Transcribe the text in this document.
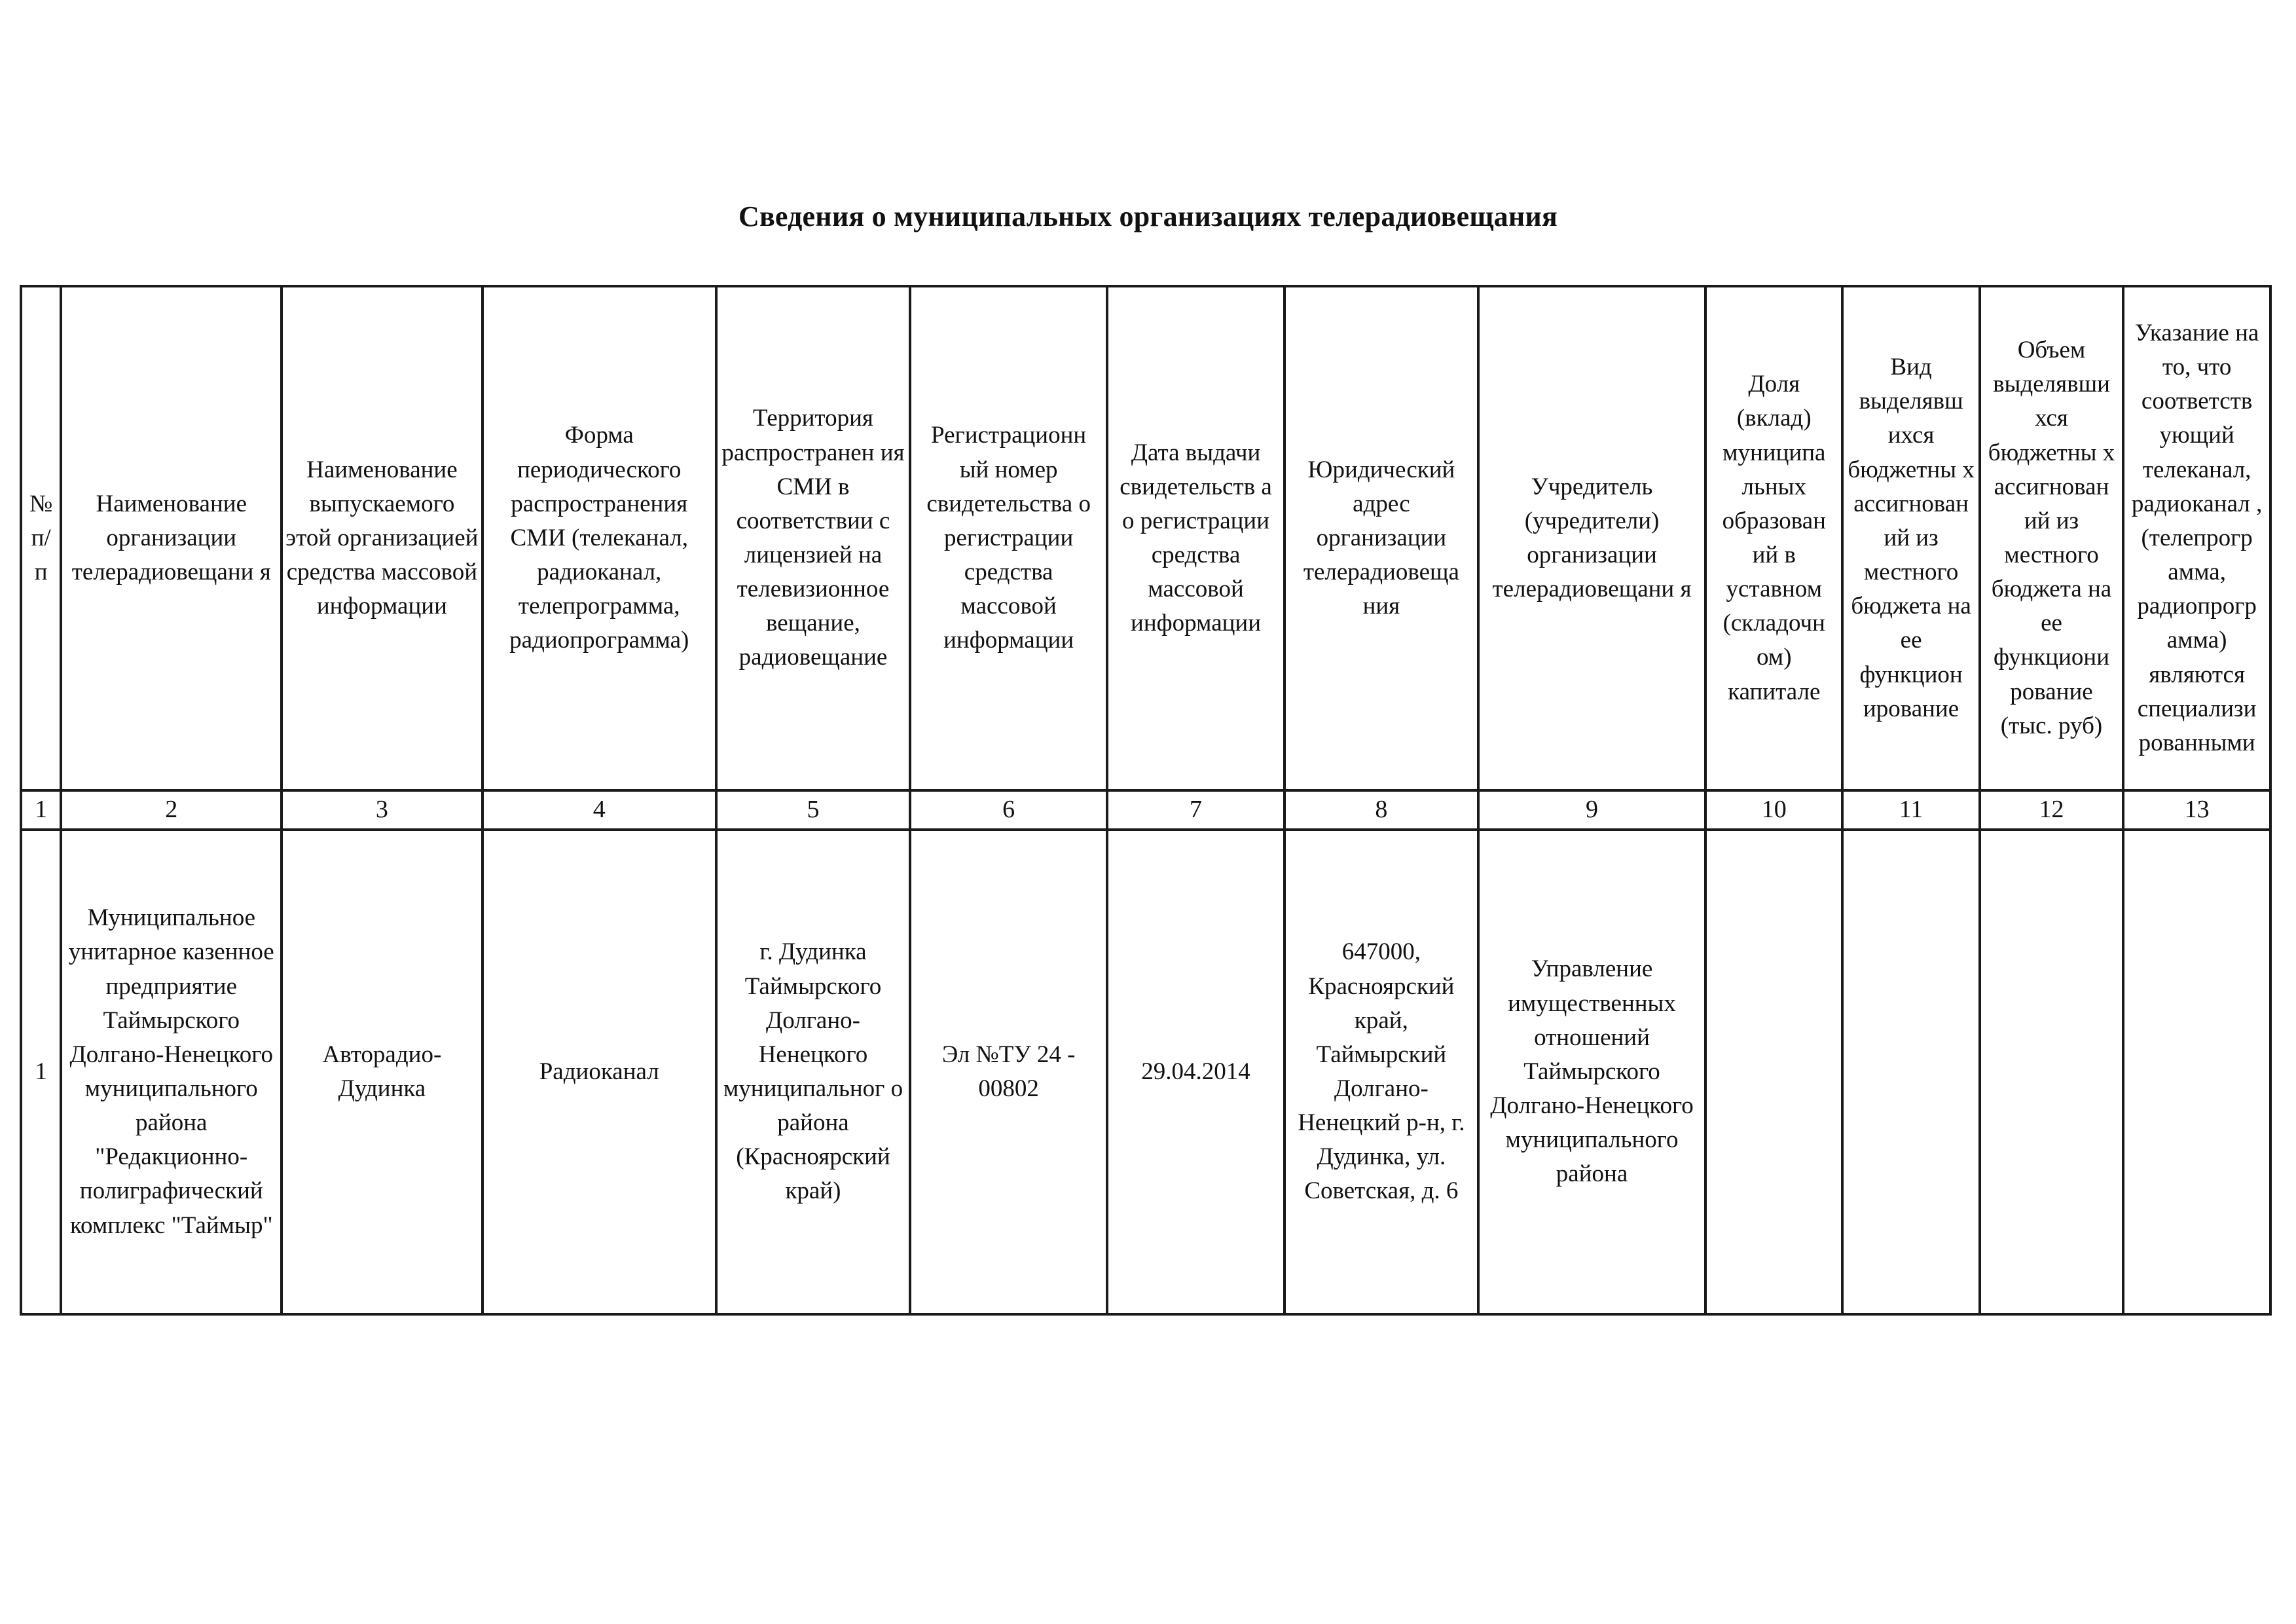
Сведения о муниципальных организациях телерадиовещания
№ п/п	Наименование организации телерадиовещани я	Наименование выпускаемого этой организацией средства массовой информации	Форма периодического распространения СМИ (телеканал, радиоканал, телепрограмма, радиопрограмма)	Территория распространен ия СМИ в соответствии с лицензией на телевизионное вещание, радиовещание	Регистрационн ый номер свидетельства о регистрации средства массовой информации	Дата выдачи свидетельств а о регистрации средства массовой информации	Юридический адрес организации телерадиовеща ния	Учредитель (учредители) организации телерадиовещани я	Доля (вклад) муниципа льных образован ий в уставном (складочн ом) капитале	Вид выделявш ихся бюджетны х ассигнован ий из местного бюджета на ее функцион ирование	Объем выделявши хся бюджетны х ассигнован ий из местного бюджета на ее функциони рование (тыс. руб)	Указание на то, что соответств ующий телеканал, радиоканал , (телепрогр амма, радиопрогр амма) являются специализи рованными
1	2	3	4	5	6	7	8	9	10	11	12	13
1	Муниципальное унитарное казенное предприятие Таймырского Долгано-Ненецкого муниципального района "Редакционно-полиграфический комплекс "Таймыр"	Авторадио-Дудинка	Радиоканал	г. Дудинка Таймырского Долгано-Ненецкого муниципальног о района (Красноярский край)	Эл №ТУ 24 - 00802	29.04.2014	647000, Красноярский край, Таймырский Долгано-Ненецкий р-н, г. Дудинка, ул. Советская, д. 6	Управление имущественных отношений Таймырского Долгано-Ненецкого муниципального района				
